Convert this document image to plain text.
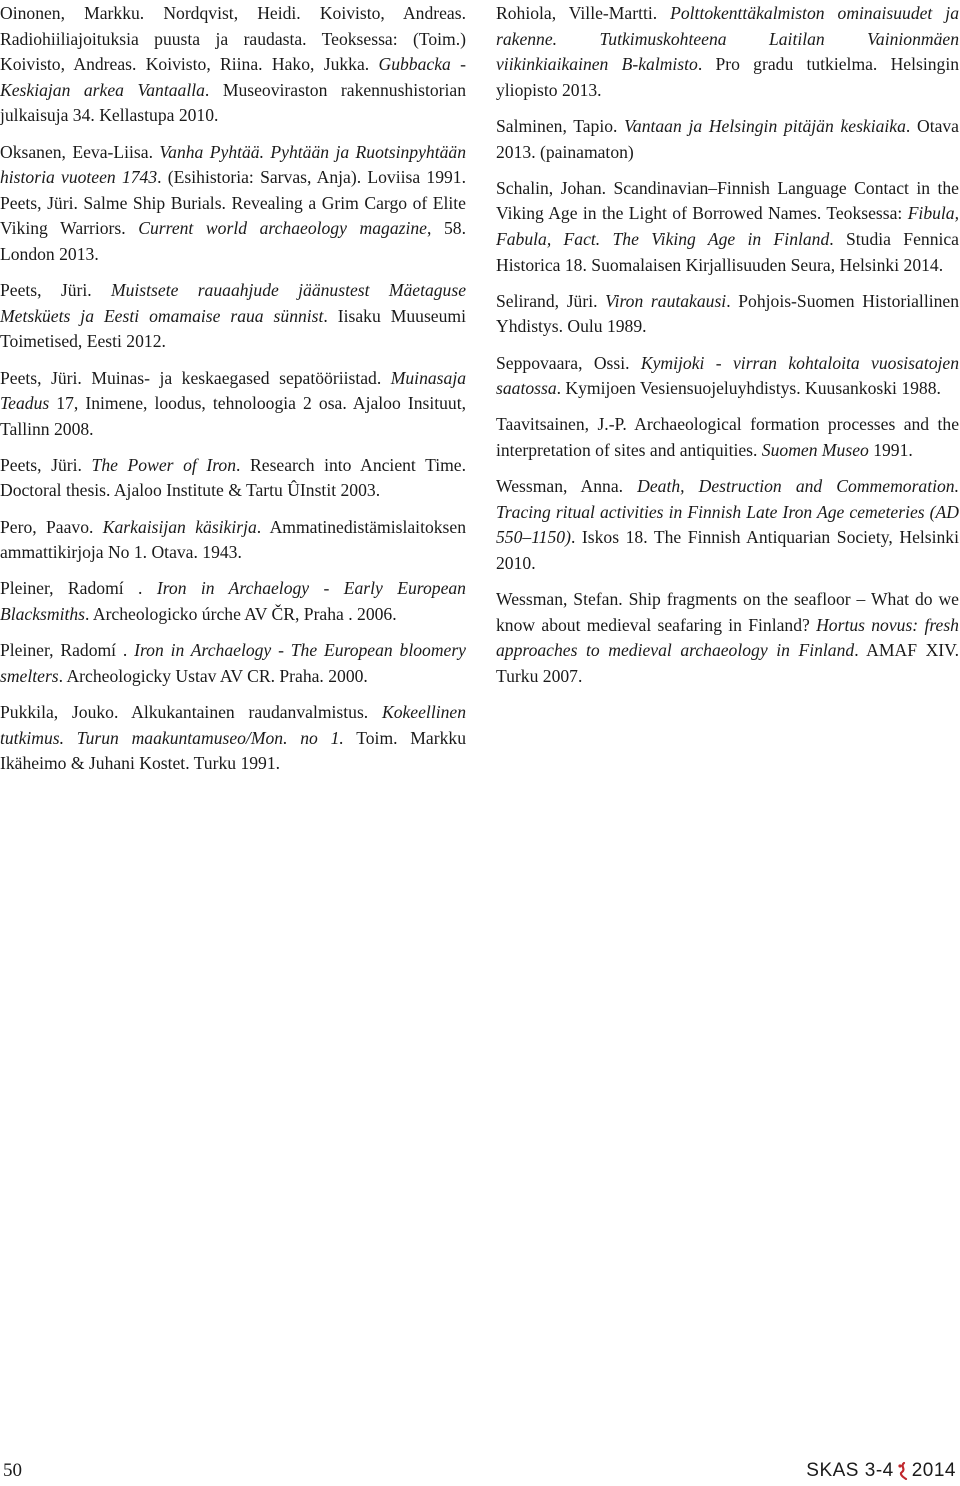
Oinonen, Markku. Nordqvist, Heidi. Koivisto, Andreas. Radiohiiliajoituksia puusta ja raudasta. Teoksessa: (Toim.) Koivisto, Andreas. Koivisto, Riina. Hako, Jukka. Gubbacka - Keskiajan arkea Vantaalla. Museoviraston rakennushistorian julkaisuja 34. Kellastupa 2010.

Oksanen, Eeva-Liisa. Vanha Pyhtää. Pyhtään ja Ruotsinpyhtään historia vuoteen 1743. (Esihistoria: Sarvas, Anja). Loviisa 1991. Peets, Jüri. Salme Ship Burials. Revealing a Grim Cargo of Elite Viking Warriors. Current world archaeology magazine, 58. London 2013.

Peets, Jüri. Muistsete rauaahjude jäänustest Mäetaguse Metsküets ja Eesti omamaise raua sünnist. Iisaku Muuseumi Toimetised, Eesti 2012.

Peets, Jüri. Muinas- ja keskaegased sepatööriistad. Muinasaja Teadus 17, Inimene, loodus, tehnoloogia 2 osa. Ajaloo Insituut, Tallinn 2008.

Peets, Jüri. The Power of Iron. Research into Ancient Time. Doctoral thesis. Ajaloo Institute & Tartu ÛInstit 2003.

Pero, Paavo. Karkaisijan käsikirja. Ammatinedistämislaitoksen ammattikirjoja No 1. Otava. 1943.

Pleiner, Radomí . Iron in Archaelogy - Early European Blacksmiths. Archeologicko úrche AV ČR, Praha . 2006.

Pleiner, Radomí . Iron in Archaelogy - The European bloomery smelters. Archeologicky Ustav AV CR. Praha. 2000.

Pukkila, Jouko. Alkukantainen raudanvalmistus. Kokeellinen tutkimus. Turun maakuntamuseo/Mon. no 1. Toim. Markku Ikäheimo & Juhani Kostet. Turku 1991.

Rohiola, Ville-Martti. Polttokenttäkalmiston ominaisuudet ja rakenne. Tutkimuskohteena Laitilan Vainionmäen viikinkiaikainen B-kalmisto. Pro gradu tutkielma. Helsingin yliopisto 2013.

Salminen, Tapio. Vantaan ja Helsingin pitäjän keskiaika. Otava 2013. (painamaton)

Schalin, Johan. Scandinavian–Finnish Language Contact in the Viking Age in the Light of Borrowed Names. Teoksessa: Fibula, Fabula, Fact. The Viking Age in Finland. Studia Fennica Historica 18. Suomalaisen Kirjallisuuden Seura, Helsinki 2014.

Selirand, Jüri. Viron rautakausi. Pohjois-Suomen Historiallinen Yhdistys. Oulu 1989.

Seppovaara, Ossi. Kymijoki - virran kohtaloita vuosisatojen saatossa. Kymijoen Vesiensuojeluyhdistys. Kuusankoski 1988.

Taavitsainen, J.-P. Archaeological formation processes and the interpretation of sites and antiquities. Suomen Museo 1991.

Wessman, Anna. Death, Destruction and Commemoration. Tracing ritual activities in Finnish Late Iron Age cemeteries (AD 550–1150). Iskos 18. The Finnish Antiquarian Society, Helsinki 2010.

Wessman, Stefan. Ship fragments on the seafloor – What do we know about medieval seafaring in Finland? Hortus novus: fresh approaches to medieval archaeology in Finland. AMAF XIV. Turku 2007.

50	SKAS 3-4 2014
